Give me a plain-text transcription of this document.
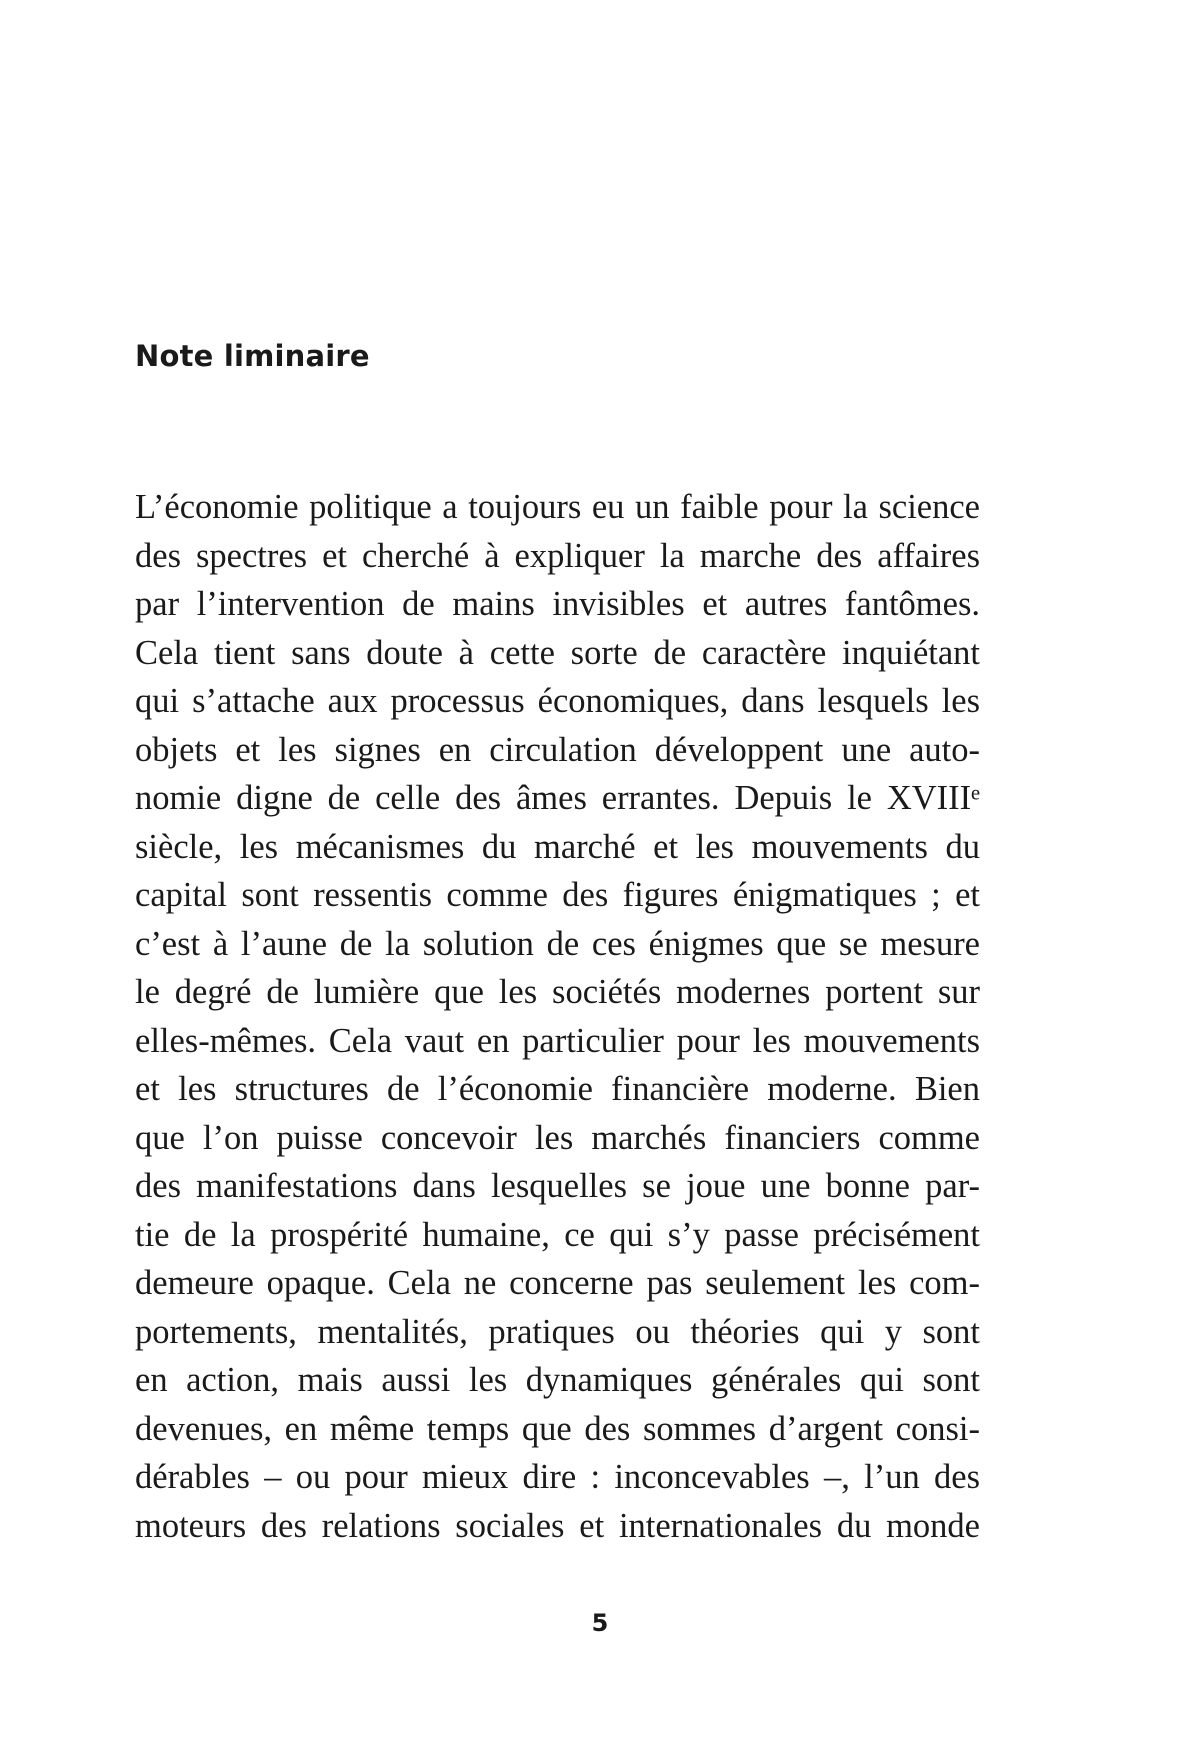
Note liminaire
L’économie politique a toujours eu un faible pour la science
des spectres et cherché à expliquer la marche des affaires
par l’intervention de mains invisibles et autres fantômes.
Cela tient sans doute à cette sorte de caractère inquiétant
qui s’attache aux processus économiques, dans lesquels les
objets et les signes en circulation développent une auto-
nomie digne de celle des âmes errantes. Depuis le XVIIIᵉ
siècle, les mécanismes du marché et les mouvements du
capital sont ressentis comme des figures énigmatiques ; et
c’est à l’aune de la solution de ces énigmes que se mesure
le degré de lumière que les sociétés modernes portent sur
elles-mêmes. Cela vaut en particulier pour les mouvements
et les structures de l’économie financière moderne. Bien
que l’on puisse concevoir les marchés financiers comme
des manifestations dans lesquelles se joue une bonne par-
tie de la prospérité humaine, ce qui s’y passe précisément
demeure opaque. Cela ne concerne pas seulement les com-
portements, mentalités, pratiques ou théories qui y sont
en action, mais aussi les dynamiques générales qui sont
devenues, en même temps que des sommes d’argent consi-
dérables – ou pour mieux dire : inconcevables –, l’un des
moteurs des relations sociales et internationales du monde
5
